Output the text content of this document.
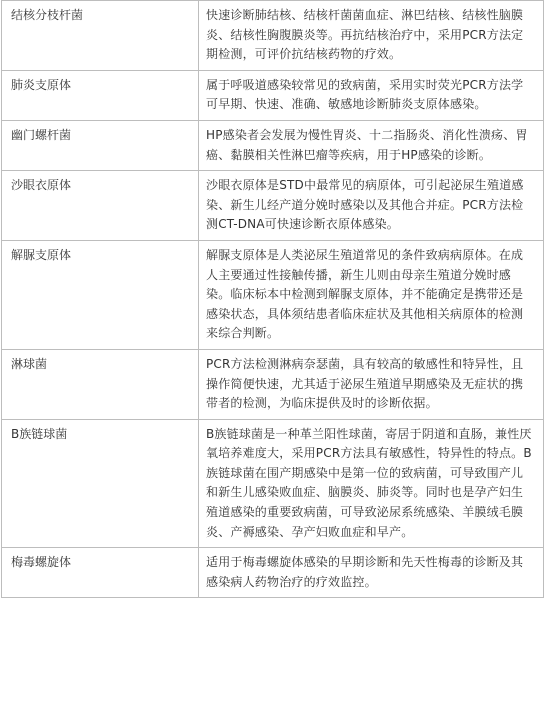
结核分枝杆菌	快速诊断肺结核、结核杆菌菌血症、淋巴结核、结核性脑膜炎、结核性胸腹膜炎等。再抗结核治疗中，采用PCR方法定期检测，可评价抗结核药物的疗效。
肺炎支原体	属于呼吸道感染较常见的致病菌，采用实时荧光PCR方法学可早期、快速、准确、敏感地诊断肺炎支原体感染。
幽门螺杆菌	HP感染者会发展为慢性胃炎、十二指肠炎、消化性溃疡、胃癌、黏膜相关性淋巴瘤等疾病，用于HP感染的诊断。
沙眼衣原体	沙眼衣原体是STD中最常见的病原体，可引起泌尿生殖道感染、新生儿经产道分娩时感染以及其他合并症。PCR方法检测CT-DNA可快速诊断衣原体感染。
解脲支原体	解脲支原体是人类泌尿生殖道常见的条件致病病原体。在成人主要通过性接触传播，新生儿则由母亲生殖道分娩时感染。临床标本中检测到解脲支原体，并不能确定是携带还是感染状态，具体须结患者临床症状及其他相关病原体的检测来综合判断。
淋球菌	PCR方法检测淋病奈瑟菌，具有较高的敏感性和特异性，且操作简便快速，尤其适于泌尿生殖道早期感染及无症状的携带者的检测，为临床提供及时的诊断依据。
B族链球菌	B族链球菌是一种革兰阳性球菌，寄居于阴道和直肠，兼性厌氧培养难度大，采用PCR方法具有敏感性，特异性的特点。B族链球菌在围产期感染中是第一位的致病菌，可导致围产儿和新生儿感染败血症、脑膜炎、肺炎等。同时也是孕产妇生殖道感染的重要致病菌，可导致泌尿系统感染、羊膜绒毛膜炎、产褥感染、孕产妇败血症和早产。
梅毒螺旋体	适用于梅毒螺旋体感染的早期诊断和先天性梅毒的诊断及其感染病人药物治疗的疗效监控。
